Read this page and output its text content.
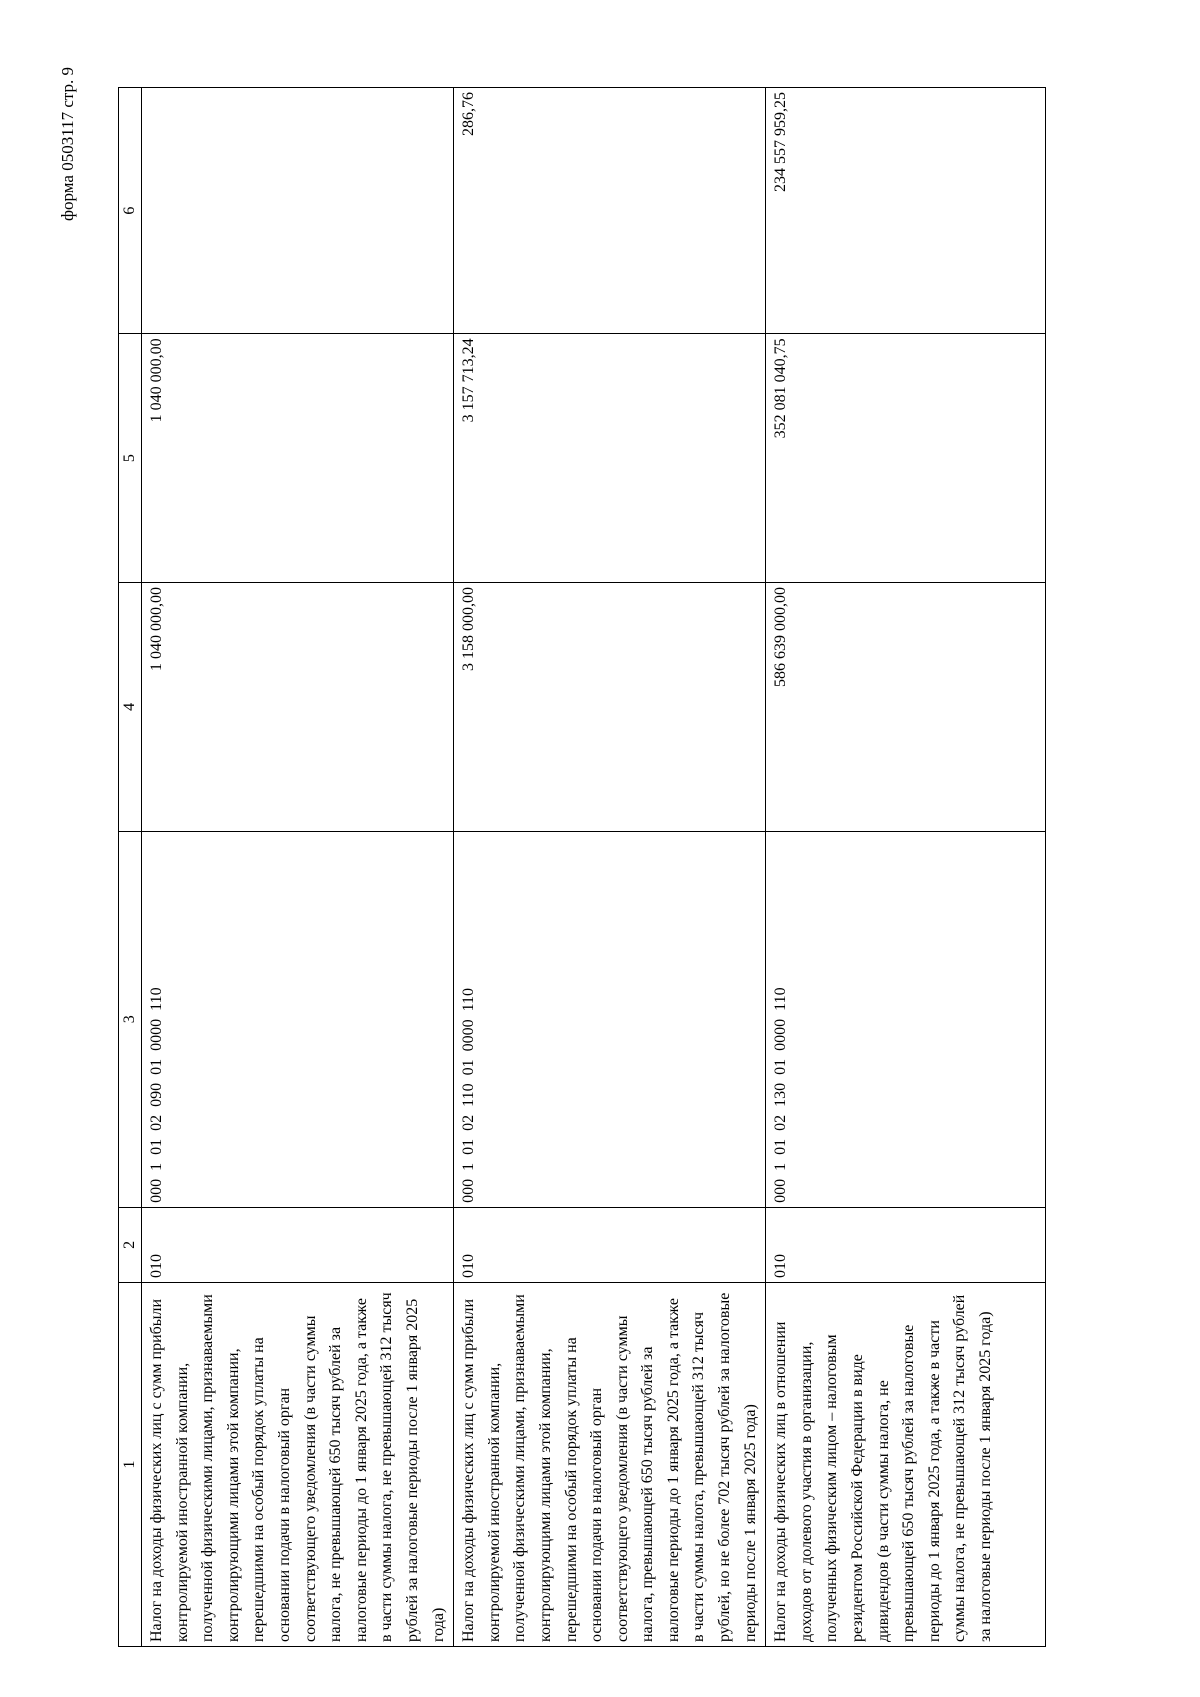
форма 0503117 стр. 9
1	2	3	4	5	6
Налог на доходы физических лиц с сумм прибыли контролируемой иностранной компании, полученной физическими лицами, признаваемыми контролирующими лицами этой компании, перешедшими на особый порядок уплаты на основании подачи в налоговый орган соответствующего уведомления (в части суммы налога, не превышающей 650 тысяч рублей за налоговые периоды до 1 января 2025 года, а также в части суммы налога, не превышающей 312 тысяч рублей за налоговые периоды после 1 января 2025 года)	010	000 1 01 02 090 01 0000 110	1 040 000,00	1 040 000,00	
Налог на доходы физических лиц с сумм прибыли контролируемой иностранной компании, полученной физическими лицами, признаваемыми контролирующими лицами этой компании, перешедшими на особый порядок уплаты на основании подачи в налоговый орган соответствующего уведомления (в части суммы налога, превышающей 650 тысяч рублей за налоговые периоды до 1 января 2025 года, а также в части суммы налога, превышающей 312 тысяч рублей, но не более 702 тысяч рублей за налоговые периоды после 1 января 2025 года)	010	000 1 01 02 110 01 0000 110	3 158 000,00	3 157 713,24	286,76
Налог на доходы физических лиц в отношении доходов от долевого участия в организации, полученных физическим лицом – налоговым резидентом Российской Федерации в виде дивидендов (в части суммы налога, не превышающей 650 тысяч рублей за налоговые периоды до 1 января 2025 года, а также в части суммы налога, не превышающей 312 тысяч рублей за налоговые периоды после 1 января 2025 года)	010	000 1 01 02 130 01 0000 110	586 639 000,00	352 081 040,75	234 557 959,25
